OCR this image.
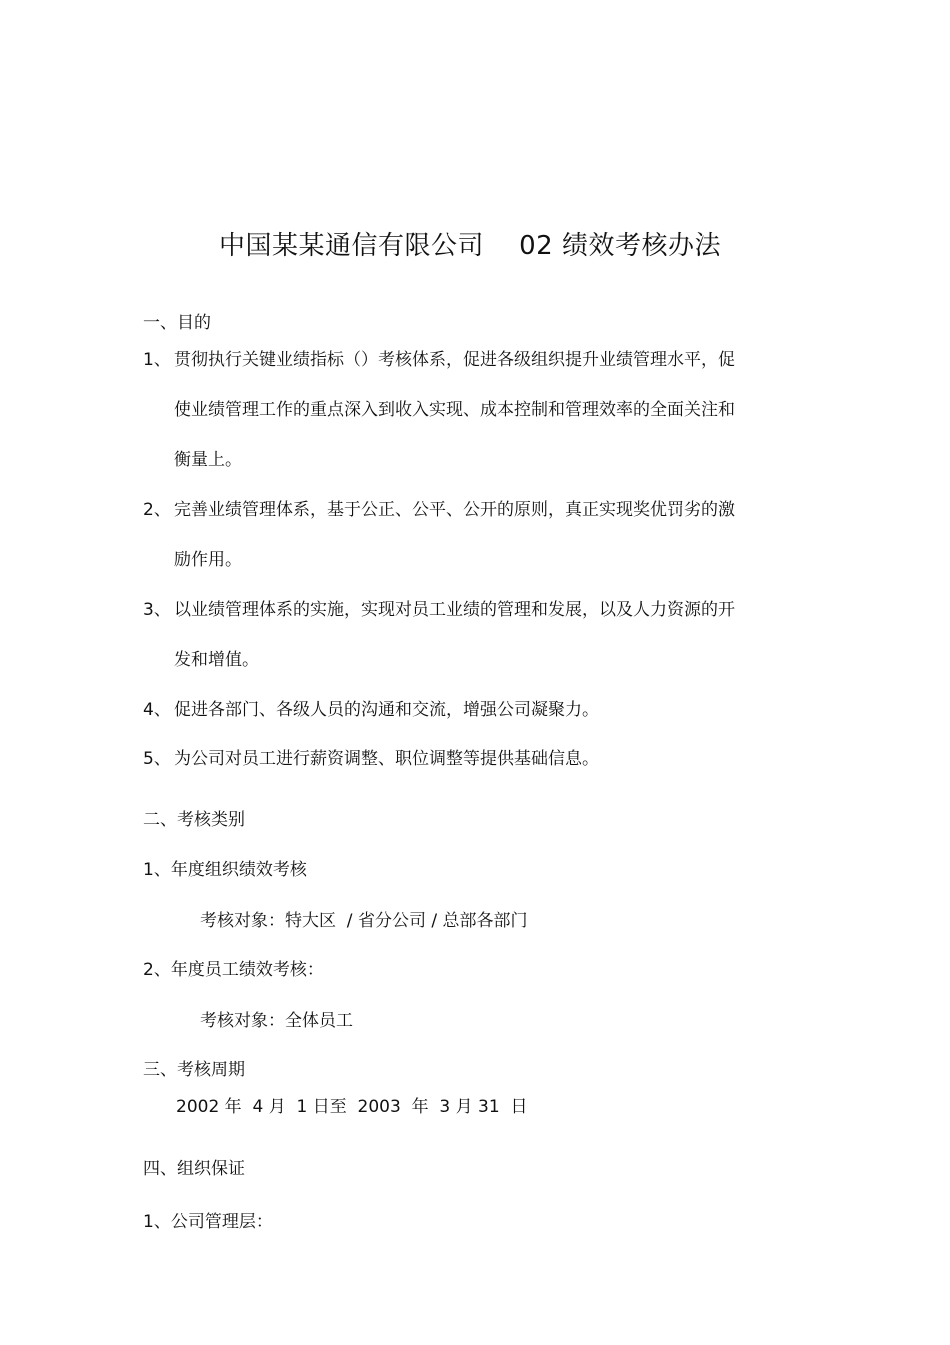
中国某某通信有限公司    02 绩效考核办法
一、目的
1、 贯彻执行关键业绩指标（）考核体系，促进各级组织提升业绩管理水平，促
使业绩管理工作的重点深入到收入实现、成本控制和管理效率的全面关注和
衡量上。
2、 完善业绩管理体系，基于公正、公平、公开的原则，真正实现奖优罚劣的激
励作用。
3、 以业绩管理体系的实施，实现对员工业绩的管理和发展，以及人力资源的开
发和增值。
4、 促进各部门、各级人员的沟通和交流，增强公司凝聚力。
5、 为公司对员工进行薪资调整、职位调整等提供基础信息。
二、考核类别
1、年度组织绩效考核
考核对象：特大区  / 省分公司 / 总部各部门
2、年度员工绩效考核：
考核对象：全体员工
三、考核周期
2002 年  4 月  1 日至  2003  年  3 月 31  日
四、组织保证
1、公司管理层：
